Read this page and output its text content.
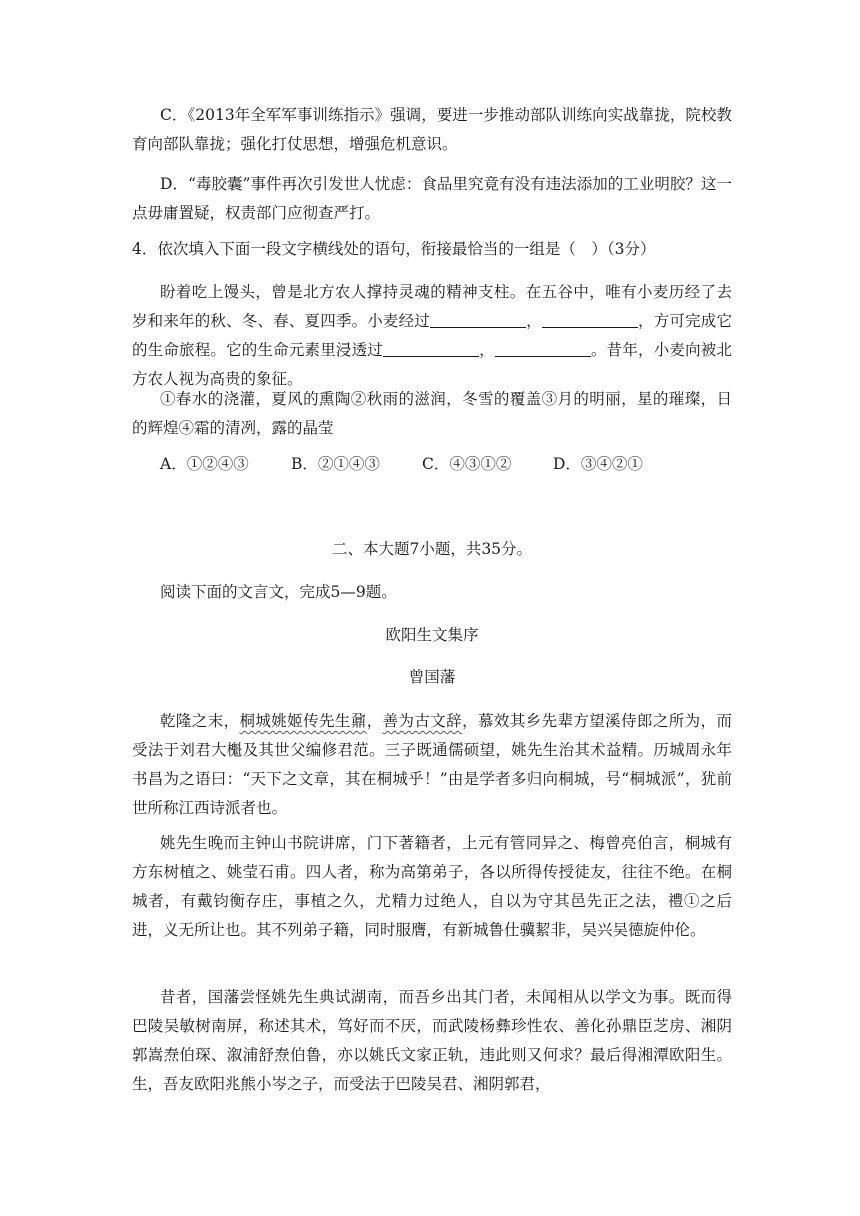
C．《2013年全军军事训练指示》强调，要进一步推动部队训练向实战靠拢，院校教育向部队靠拢；强化打仗思想，增强危机意识。

D．“毒胶囊”事件再次引发世人忧虑：食品里究竟有没有违法添加的工业明胶？这一点毋庸置疑，权责部门应彻查严打。

4．依次填入下面一段文字横线处的语句，衔接最恰当的一组是（　）（3分）

盼着吃上馒头，曾是北方农人撑持灵魂的精神支柱。在五谷中，唯有小麦历经了去岁和来年的秋、冬、春、夏四季。小麦经过	，	，方可完成它的生命旅程。它的生命元素里浸透过	，	。昔年，小麦向被北方农人视为高贵的象征。

①春水的浇灌，夏风的熏陶②秋雨的滋润，冬雪的覆盖③月的明丽，星的璀璨，日的辉煌④霜的清冽，露的晶莹

A．①②④③	B．②①④③	C．④③①②	D．③④②①

二、本大题7小题，共35分。

阅读下面的文言文，完成5—9题。

欧阳生文集序

曾国藩

乾隆之末，桐城姚姬传先生鼐，善为古文辞，慕效其乡先辈方望溪侍郎之所为，而受法于刘君大櫆及其世父编修君范。三子既通儒硕望，姚先生治其术益精。历城周永年书昌为之语曰：“天下之文章，其在桐城乎！”由是学者多归向桐城，号“桐城派”，犹前世所称江西诗派者也。

姚先生晚而主钟山书院讲席，门下著籍者，上元有管同异之、梅曾亮伯言，桐城有方东树植之、姚莹石甫。四人者，称为高第弟子，各以所得传授徒友，往往不绝。在桐城者，有戴钧衡存庄，事植之久，尤精力过绝人，自以为守其邑先正之法，禮①之后进，义无所让也。其不列弟子籍，同时服膺，有新城鲁仕骥絜非，吴兴吴德旋仲伦。

昔者，国藩尝怪姚先生典试湖南，而吾乡出其门者，未闻相从以学文为事。既而得巴陵吴敏树南屏，称述其术，笃好而不厌，而武陵杨彝珍性农、善化孙鼎臣芝房、湘阴郭嵩焘伯琛、溆浦舒焘伯鲁，亦以姚氏文家正轨，违此则又何求？最后得湘潭欧阳生。生，吾友欧阳兆熊小岑之子，而受法于巴陵吴君、湘阴郭君，
